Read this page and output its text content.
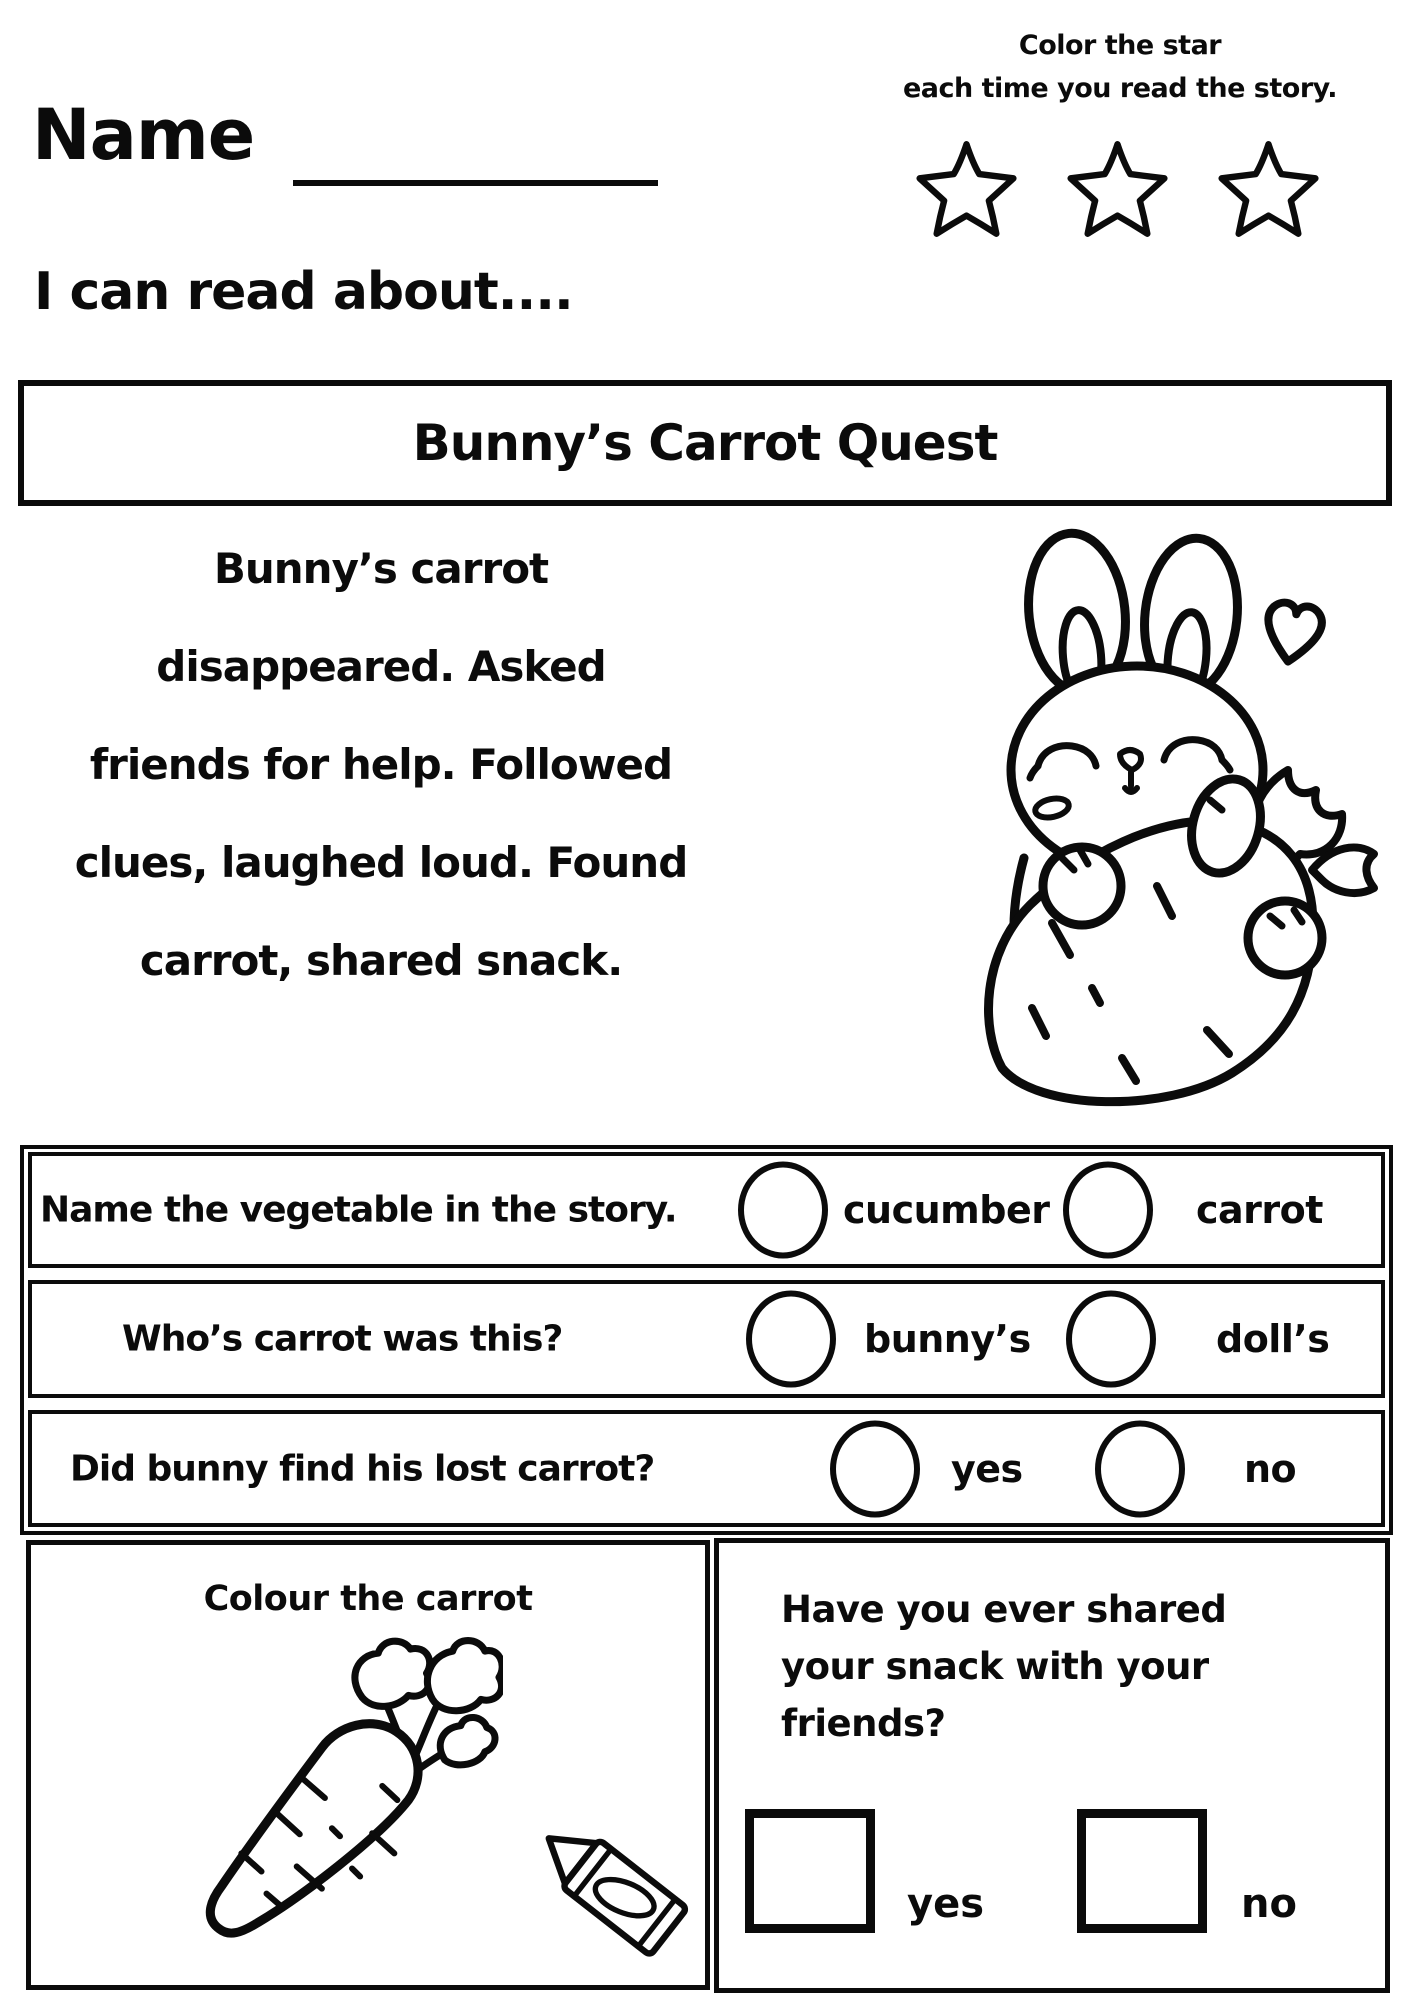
Name
Color the star
each time you read the story.
I can read about....
Bunny’s Carrot Quest
Bunny’s carrot
disappeared. Asked
friends for help. Followed
clues, laughed loud. Found
carrot, shared snack.
Name the vegetable in the story.	cucumber	carrot
Who’s carrot was this?	bunny’s	doll’s
Did bunny find his lost carrot?	yes	no
Colour the carrot	Have you ever shared
your snack with your
friends?
yes	no
